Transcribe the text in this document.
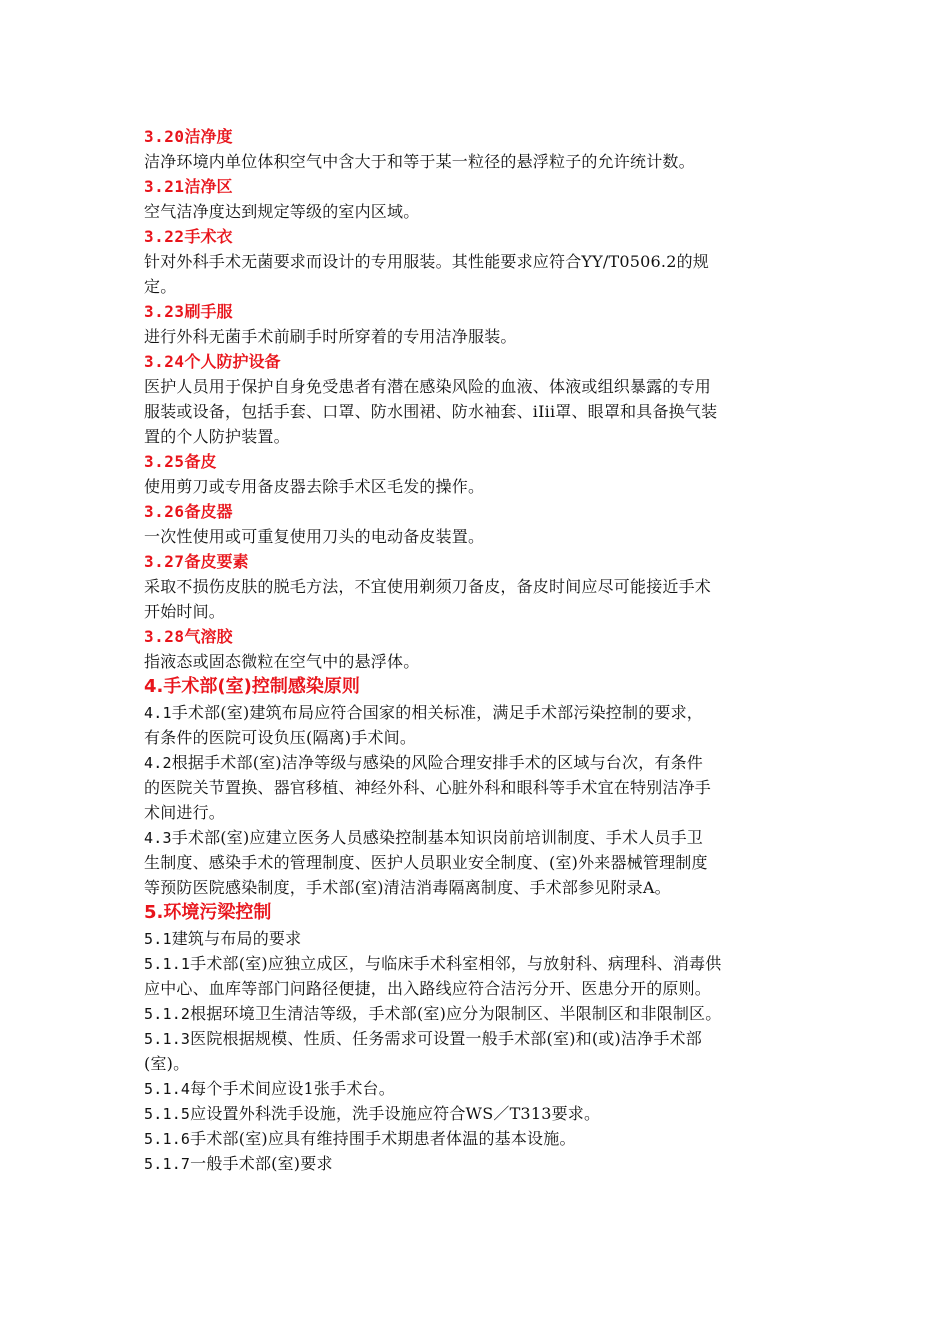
3.20洁净度
洁净环境内单位体积空气中含大于和等于某一粒径的悬浮粒子的允许统计数。
3.21洁净区
空气洁净度达到规定等级的室内区域。
3.22手术衣
针对外科手术无菌要求而设计的专用服装。其性能要求应符合YY/T0506.2的规
定。
3.23刷手服
进行外科无菌手术前刷手时所穿着的专用洁净服装。
3.24个人防护设备
医护人员用于保护自身免受患者有潜在感染风险的血液、体液或组织暴露的专用
服装或设备，包括手套、口罩、防水围裙、防水袖套、iIii罩、眼罩和具备换气装
置的个人防护装置。
3.25备皮
使用剪刀或专用备皮器去除手术区毛发的操作。
3.26备皮器
一次性使用或可重复使用刀头的电动备皮装置。
3.27备皮要素
采取不损伤皮肤的脱毛方法，不宜使用剃须刀备皮，备皮时间应尽可能接近手术
开始时间。
3.28气溶胶
指液态或固态微粒在空气中的悬浮体。
4.手术部(室)控制感染原则
4.1手术部(室)建筑布局应符合国家的相关标准，满足手术部污染控制的要求，
有条件的医院可设负压(隔离)手术间。
4.2根据手术部(室)洁净等级与感染的风险合理安排手术的区域与台次，有条件
的医院关节置换、器官移植、神经外科、心脏外科和眼科等手术宜在特别洁净手
术间进行。
4.3手术部(室)应建立医务人员感染控制基本知识岗前培训制度、手术人员手卫
生制度、感染手术的管理制度、医护人员职业安全制度、(室)外来器械管理制度
等预防医院感染制度，手术部(室)清洁消毒隔离制度、手术部参见附录A。
5.环境污梁控制
5.1建筑与布局的要求
5.1.1手术部(室)应独立成区，与临床手术科室相邻，与放射科、病理科、消毒供
应中心、血库等部门问路径便捷，出入路线应符合洁污分开、医患分开的原则。
5.1.2根据环境卫生清洁等级，手术部(室)应分为限制区、半限制区和非限制区。
5.1.3医院根据规模、性质、任务需求可设置一般手术部(室)和(或)洁净手术部
(室)。
5.1.4每个手术间应设1张手术台。
5.1.5应设置外科洗手设施，洗手设施应符合WS／T313要求。
5.1.6手术部(室)应具有维持围手术期患者体温的基本设施。
5.1.7一般手术部(室)要求
